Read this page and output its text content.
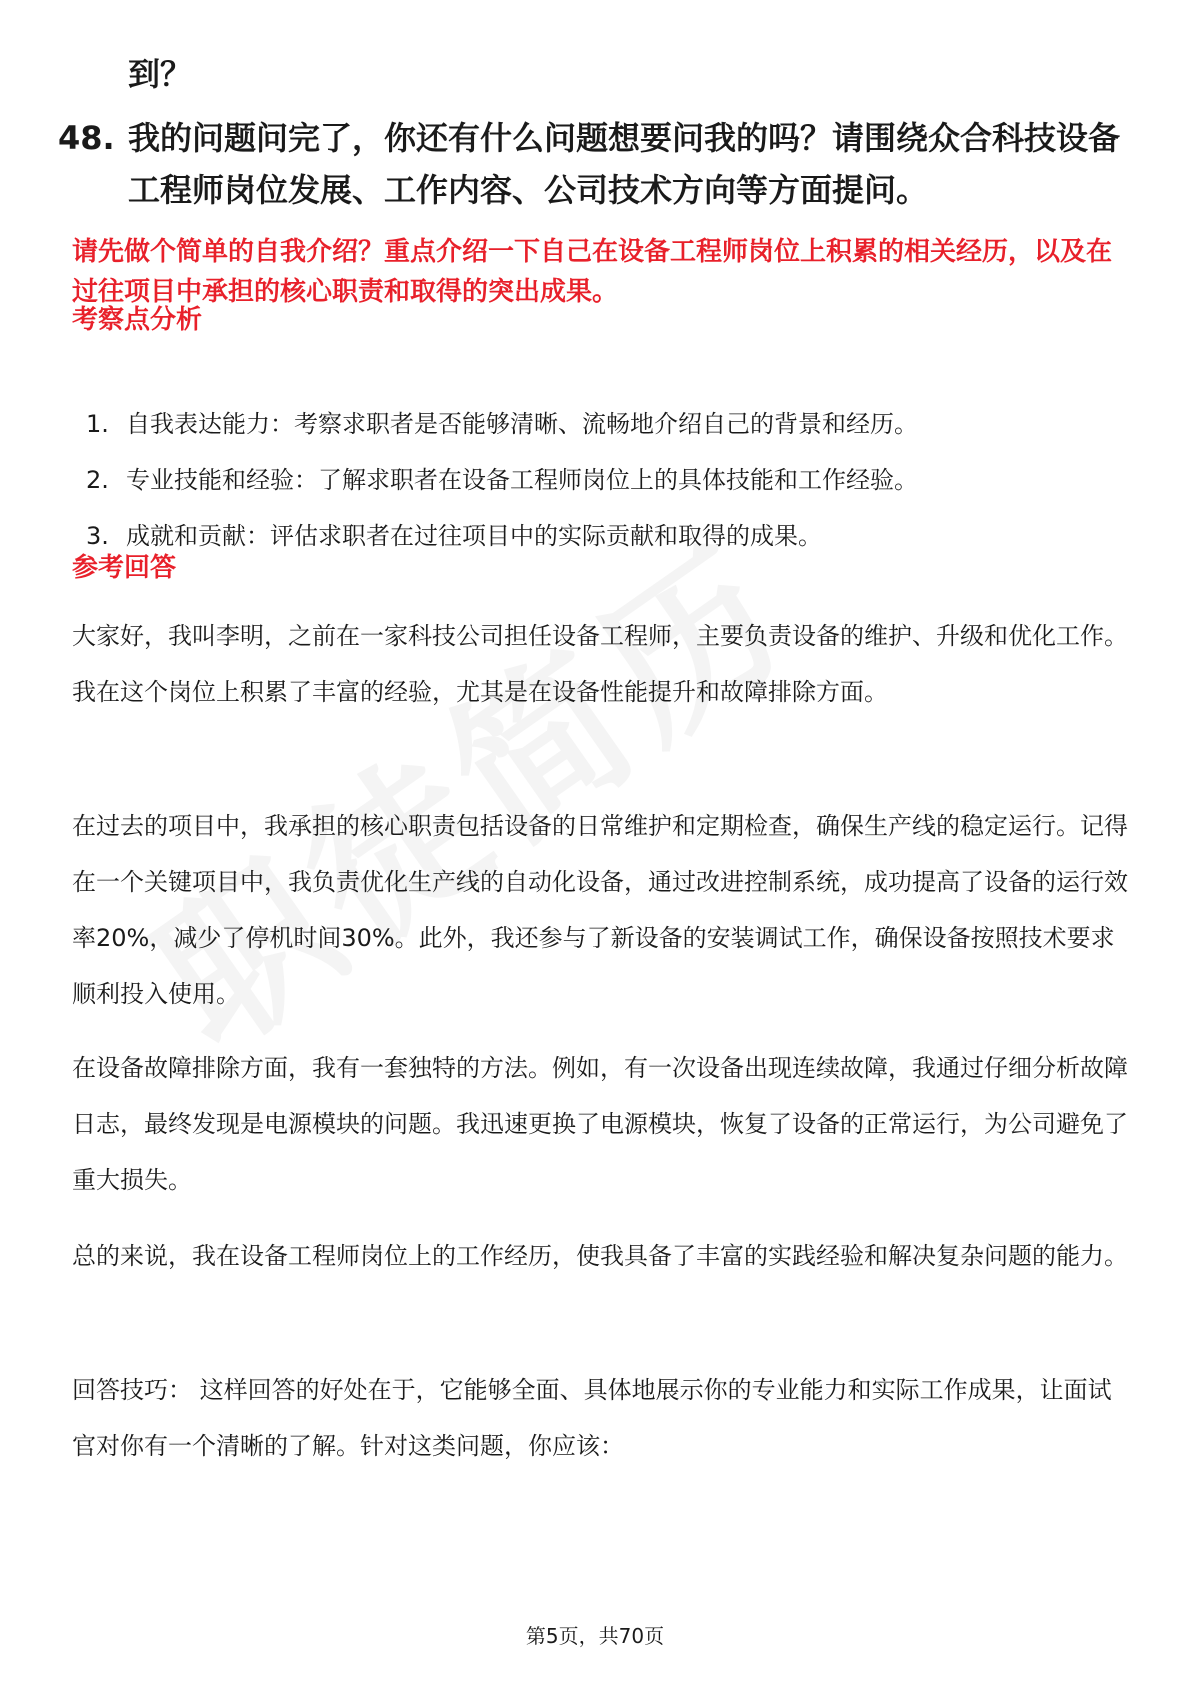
到？
48. 我的问题问完了，你还有什么问题想要问我的吗？请围绕众合科技设备工程师岗位发展、工作内容、公司技术方向等方面提问。
请先做个简单的自我介绍？重点介绍一下自己在设备工程师岗位上积累的相关经历，以及在过往项目中承担的核心职责和取得的突出成果。
考察点分析
1. 自我表达能力：考察求职者是否能够清晰、流畅地介绍自己的背景和经历。
2. 专业技能和经验：了解求职者在设备工程师岗位上的具体技能和工作经验。
3. 成就和贡献：评估求职者在过往项目中的实际贡献和取得的成果。
参考回答

大家好，我叫李明，之前在一家科技公司担任设备工程师，主要负责设备的维护、升级和优化工作。我在这个岗位上积累了丰富的经验，尤其是在设备性能提升和故障排除方面。

在过去的项目中，我承担的核心职责包括设备的日常维护和定期检查，确保生产线的稳定运行。记得在一个关键项目中，我负责优化生产线的自动化设备，通过改进控制系统，成功提高了设备的运行效率20%，减少了停机时间30%。此外，我还参与了新设备的安装调试工作，确保设备按照技术要求顺利投入使用。

在设备故障排除方面，我有一套独特的方法。例如，有一次设备出现连续故障，我通过仔细分析故障日志，最终发现是电源模块的问题。我迅速更换了电源模块，恢复了设备的正常运行，为公司避免了重大损失。

总的来说，我在设备工程师岗位上的工作经历，使我具备了丰富的实践经验和解决复杂问题的能力。

回答技巧： 这样回答的好处在于，它能够全面、具体地展示你的专业能力和实际工作成果，让面试官对你有一个清晰的了解。针对这类问题，你应该：

第5页，共70页
